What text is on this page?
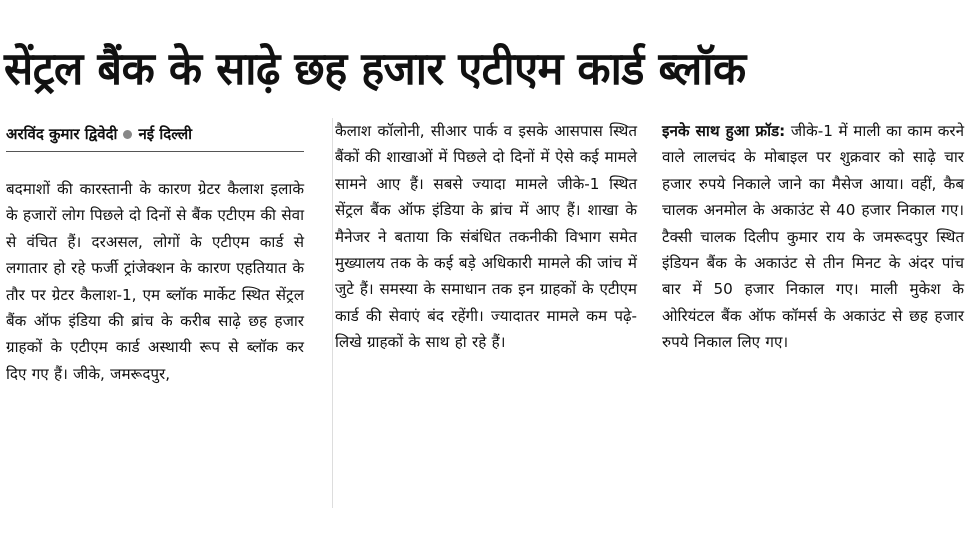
सेंट्रल बैंक के साढ़े छह हजार एटीएम कार्ड ब्लॉक
अरविंद कुमार द्विवेदी नई दिल्ली

बदमाशों की कारस्तानी के कारण ग्रेटर कैलाश इलाके के हजारों लोग पिछले दो दिनों से बैंक एटीएम की सेवा से वंचित हैं। दरअसल, लोगों के एटीएम कार्ड से लगातार हो रहे फर्जी ट्रांजेक्शन के कारण एहतियात के तौर पर ग्रेटर कैलाश-1, एम ब्लॉक मार्केट स्थित सेंट्रल बैंक ऑफ इंडिया की ब्रांच के करीब साढ़े छह हजार ग्राहकों के एटीएम कार्ड अस्थायी रूप से ब्लॉक कर दिए गए हैं। जीके, जमरूदपुर,

कैलाश कॉलोनी, सीआर पार्क व इसके आसपास स्थित बैंकों की शाखाओं में पिछले दो दिनों में ऐसे कई मामले सामने आए हैं। सबसे ज्यादा मामले जीके-1 स्थित सेंट्रल बैंक ऑफ इंडिया के ब्रांच में आए हैं। शाखा के मैनेजर ने बताया कि संबंधित तकनीकी विभाग समेत मुख्यालय तक के कई बड़े अधिकारी मामले की जांच में जुटे हैं। समस्या के समाधान तक इन ग्राहकों के एटीएम कार्ड की सेवाएं बंद रहेंगी। ज्यादातर मामले कम पढ़े-लिखे ग्राहकों के साथ हो रहे हैं।

इनके साथ हुआ फ्रॉड: जीके-1 में माली का काम करने वाले लालचंद के मोबाइल पर शुक्रवार को साढ़े चार हजार रुपये निकाले जाने का मैसेज आया। वहीं, कैब चालक अनमोल के अकाउंट से 40 हजार निकाल गए। टैक्सी चालक दिलीप कुमार राय के जमरूदपुर स्थित इंडियन बैंक के अकाउंट से तीन मिनट के अंदर पांच बार में 50 हजार निकाल गए। माली मुकेश के ओरियंटल बैंक ऑफ कॉमर्स के अकाउंट से छह हजार रुपये निकाल लिए गए।
